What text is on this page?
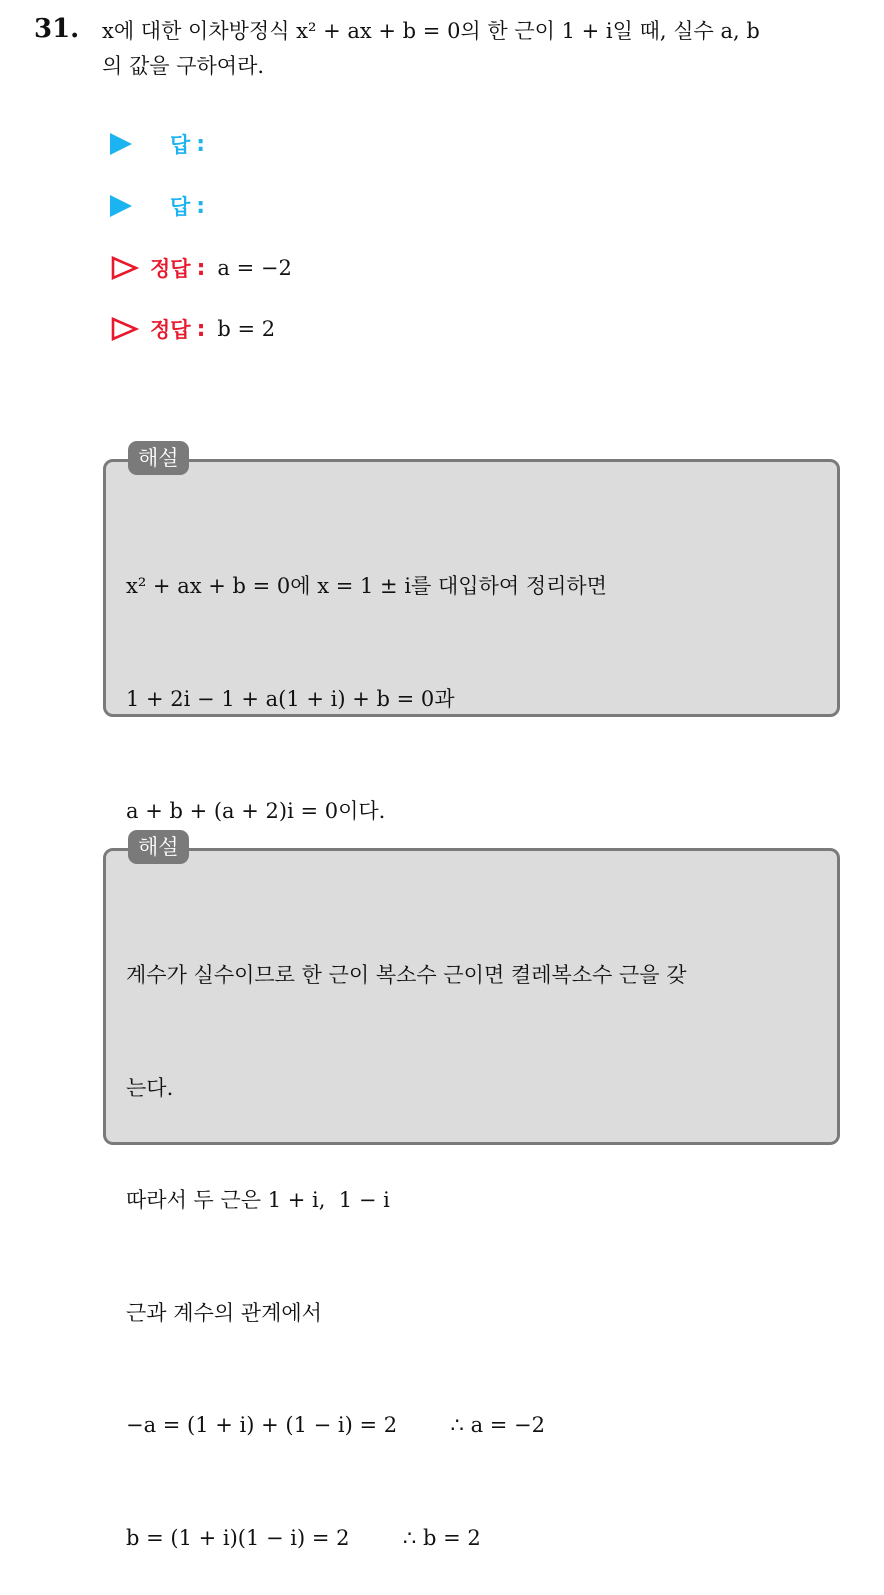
31. x에 대한 이차방정식 x² + ax + b = 0의 한 근이 1 + i일 때, 실수 a, b
의 값을 구하여라.
답 :
답 :
정답 : a = −2
정답 : b = 2
해설

x² + ax + b = 0에 x = 1 ± i를 대입하여 정리하면

1 + 2i − 1 + a(1 + i) + b = 0과

a + b + (a + 2)i = 0이다.

해설

계수가 실수이므로 한 근이 복소수 근이면 켤레복소수 근을 갖

는다.

따라서 두 근은 1 + i,  1 − i

근과 계수의 관계에서

−a = (1 + i) + (1 − i) = 2        ∴ a = −2

b = (1 + i)(1 − i) = 2        ∴ b = 2
